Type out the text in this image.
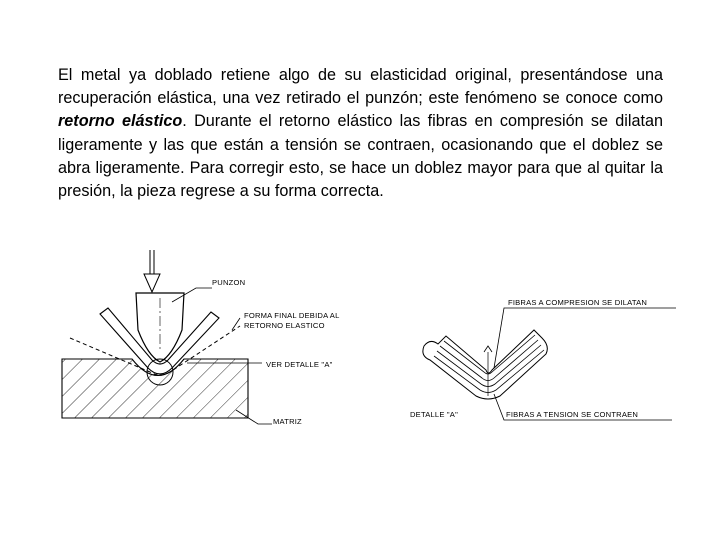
El metal ya doblado retiene algo de su elasticidad original, presentándose una recuperación elástica, una vez retirado el punzón; este fenómeno se conoce como retorno elástico. Durante el retorno elástico las fibras en compresión se dilatan ligeramente y las que están a tensión se contraen, ocasionando que el doblez se abra ligeramente. Para corregir esto, se hace un doblez mayor para que al quitar la presión, la pieza regrese a su forma correcta.

PUNZON
FORMA FINAL DEBIDA AL
RETORNO ELASTICO
VER DETALLE "A"
MATRIZ
FIBRAS A COMPRESION SE DILATAN
FIBRAS A TENSION SE CONTRAEN
DETALLE "A"
